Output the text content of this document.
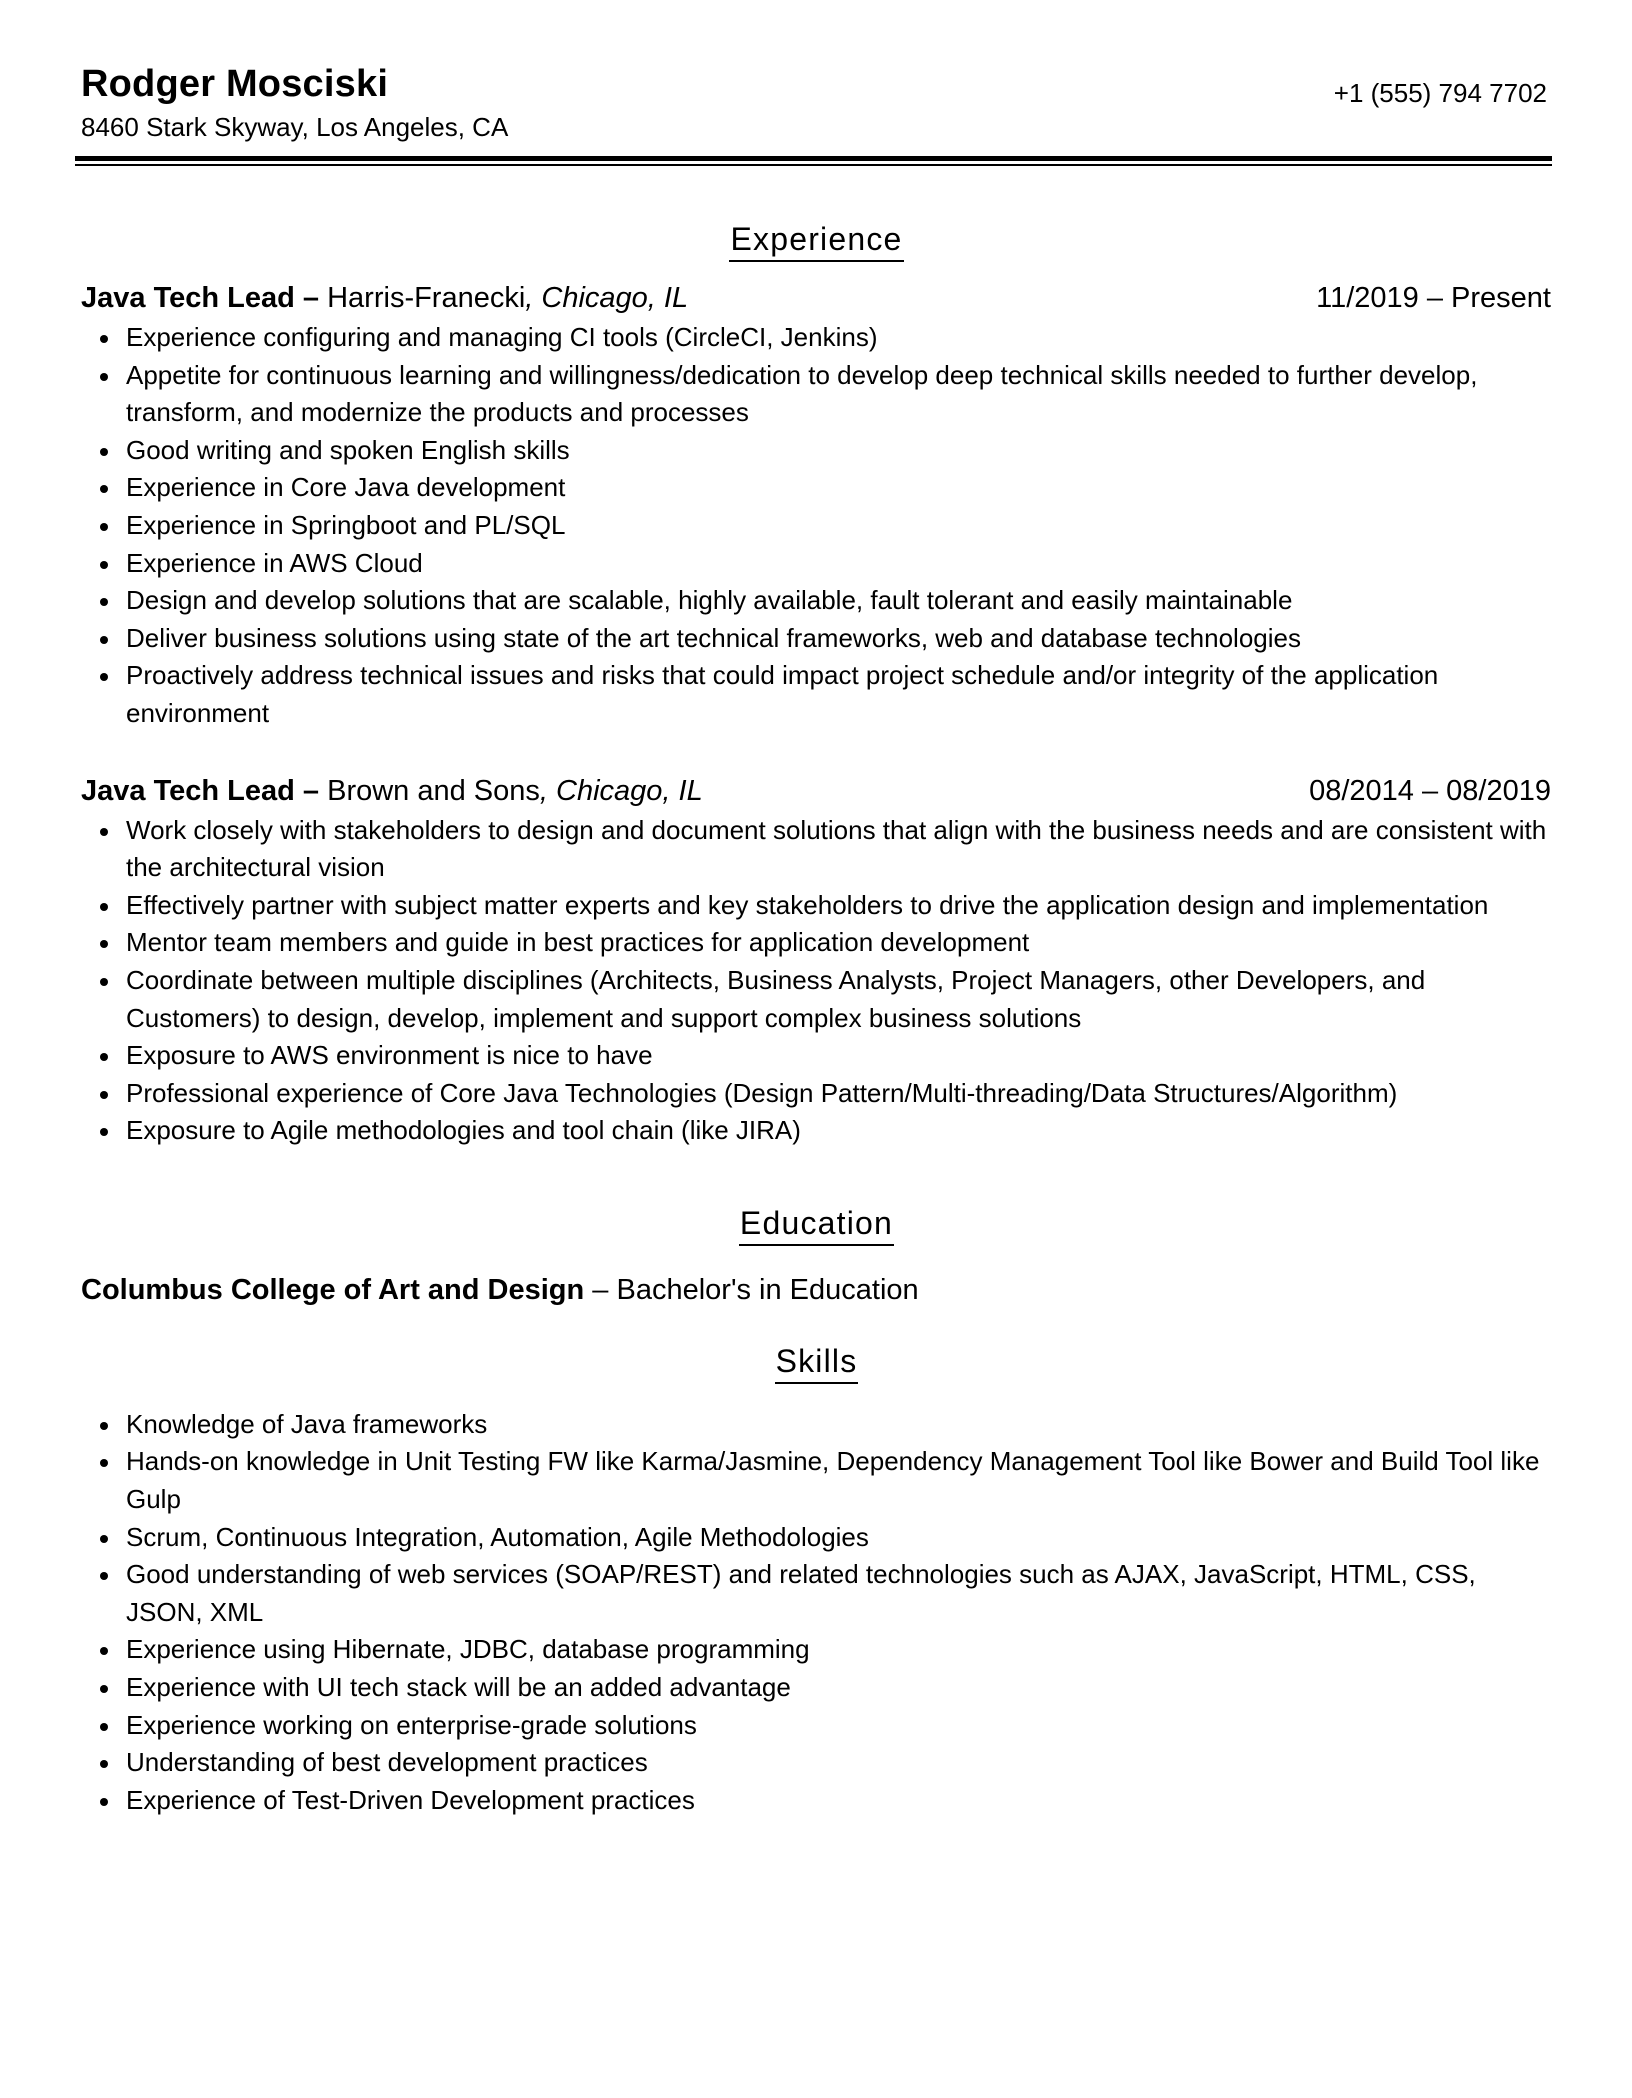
Rodger Mosciski
8460 Stark Skyway, Los Angeles, CA
+1 (555) 794 7702
Experience
Java Tech Lead – Harris-Franecki, Chicago, IL	11/2019 – Present
Experience configuring and managing CI tools (CircleCI, Jenkins)
Appetite for continuous learning and willingness/dedication to develop deep technical skills needed to further develop, transform, and modernize the products and processes
Good writing and spoken English skills
Experience in Core Java development
Experience in Springboot and PL/SQL
Experience in AWS Cloud
Design and develop solutions that are scalable, highly available, fault tolerant and easily maintainable
Deliver business solutions using state of the art technical frameworks, web and database technologies
Proactively address technical issues and risks that could impact project schedule and/or integrity of the application environment
Java Tech Lead – Brown and Sons, Chicago, IL	08/2014 – 08/2019
Work closely with stakeholders to design and document solutions that align with the business needs and are consistent with the architectural vision
Effectively partner with subject matter experts and key stakeholders to drive the application design and implementation
Mentor team members and guide in best practices for application development
Coordinate between multiple disciplines (Architects, Business Analysts, Project Managers, other Developers, and Customers) to design, develop, implement and support complex business solutions
Exposure to AWS environment is nice to have
Professional experience of Core Java Technologies (Design Pattern/Multi-threading/Data Structures/Algorithm)
Exposure to Agile methodologies and tool chain (like JIRA)
Education
Columbus College of Art and Design – Bachelor's in Education
Skills
Knowledge of Java frameworks
Hands-on knowledge in Unit Testing FW like Karma/Jasmine, Dependency Management Tool like Bower and Build Tool like Gulp
Scrum, Continuous Integration, Automation, Agile Methodologies
Good understanding of web services (SOAP/REST) and related technologies such as AJAX, JavaScript, HTML, CSS, JSON, XML
Experience using Hibernate, JDBC, database programming
Experience with UI tech stack will be an added advantage
Experience working on enterprise-grade solutions
Understanding of best development practices
Experience of Test-Driven Development practices
